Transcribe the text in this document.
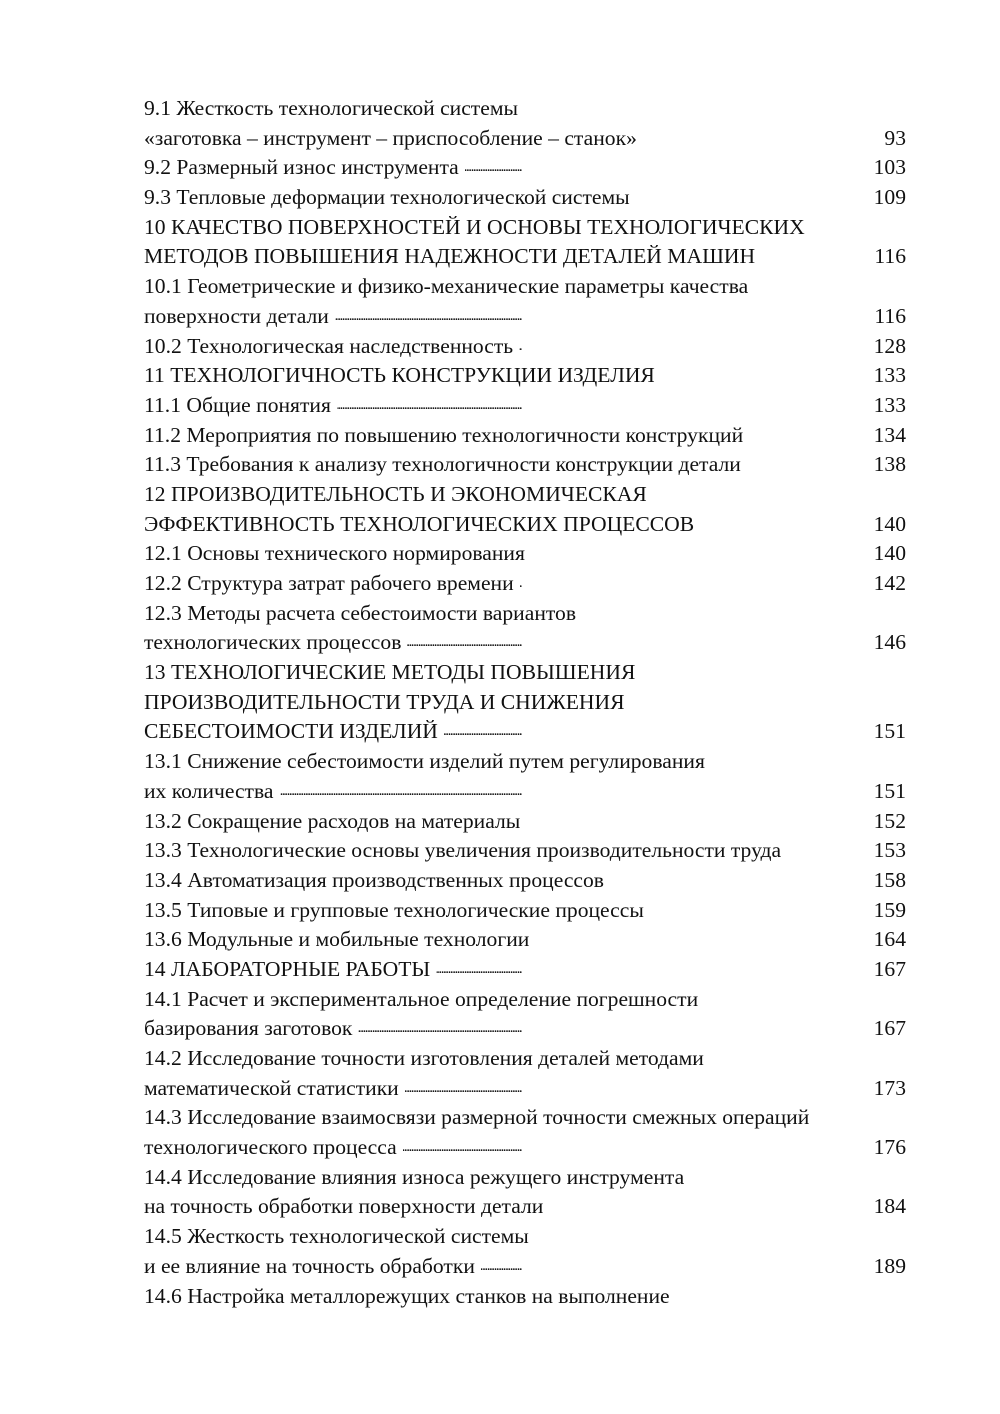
9.1 Жесткость технологической системы
«заготовка – инструмент – приспособление – станок» . . .	93
9.2 Размерный износ инструмента . . .	103
9.3 Тепловые деформации технологической системы . . .	109
10 КАЧЕСТВО ПОВЕРХНОСТЕЙ И ОСНОВЫ ТЕХНОЛОГИЧЕСКИХ
МЕТОДОВ ПОВЫШЕНИЯ НАДЕЖНОСТИ ДЕТАЛЕЙ МАШИН . . .	116
10.1 Геометрические и физико-механические параметры качества
поверхности детали . . .	116
10.2 Технологическая наследственность . . .	128
11 ТЕХНОЛОГИЧНОСТЬ КОНСТРУКЦИИ ИЗДЕЛИЯ . . .	133
11.1 Общие понятия . . .	133
11.2 Мероприятия по повышению технологичности конструкций . . .	134
11.3 Требования к анализу технологичности конструкции детали . . .	138
12 ПРОИЗВОДИТЕЛЬНОСТЬ И ЭКОНОМИЧЕСКАЯ
ЭФФЕКТИВНОСТЬ ТЕХНОЛОГИЧЕСКИХ ПРОЦЕССОВ . . .	140
12.1 Основы технического нормирования . . .	140
12.2 Структура затрат рабочего времени . . .	142
12.3 Методы расчета себестоимости вариантов
технологических процессов . . .	146
13 ТЕХНОЛОГИЧЕСКИЕ МЕТОДЫ ПОВЫШЕНИЯ
ПРОИЗВОДИТЕЛЬНОСТИ ТРУДА И СНИЖЕНИЯ
СЕБЕСТОИМОСТИ ИЗДЕЛИЙ . . .	151
13.1 Снижение себестоимости изделий путем регулирования
их количества . . .	151
13.2 Сокращение расходов на материалы . . .	152
13.3 Технологические основы увеличения производительности труда . . .	153
13.4 Автоматизация производственных процессов . . .	158
13.5 Типовые и групповые технологические процессы . . .	159
13.6 Модульные и мобильные технологии . . .	164
14 ЛАБОРАТОРНЫЕ РАБОТЫ . . .	167
14.1 Расчет и экспериментальное определение погрешности
базирования заготовок . . .	167
14.2 Исследование точности изготовления деталей методами
математической статистики . . .	173
14.3 Исследование взаимосвязи размерной точности смежных операций
технологического процесса . . .	176
14.4 Исследование влияния износа режущего инструмента
на точность обработки поверхности детали . . .	184
14.5 Жесткость технологической системы
и ее влияние на точность обработки . . .	189
14.6 Настройка металлорежущих станков на выполнение
